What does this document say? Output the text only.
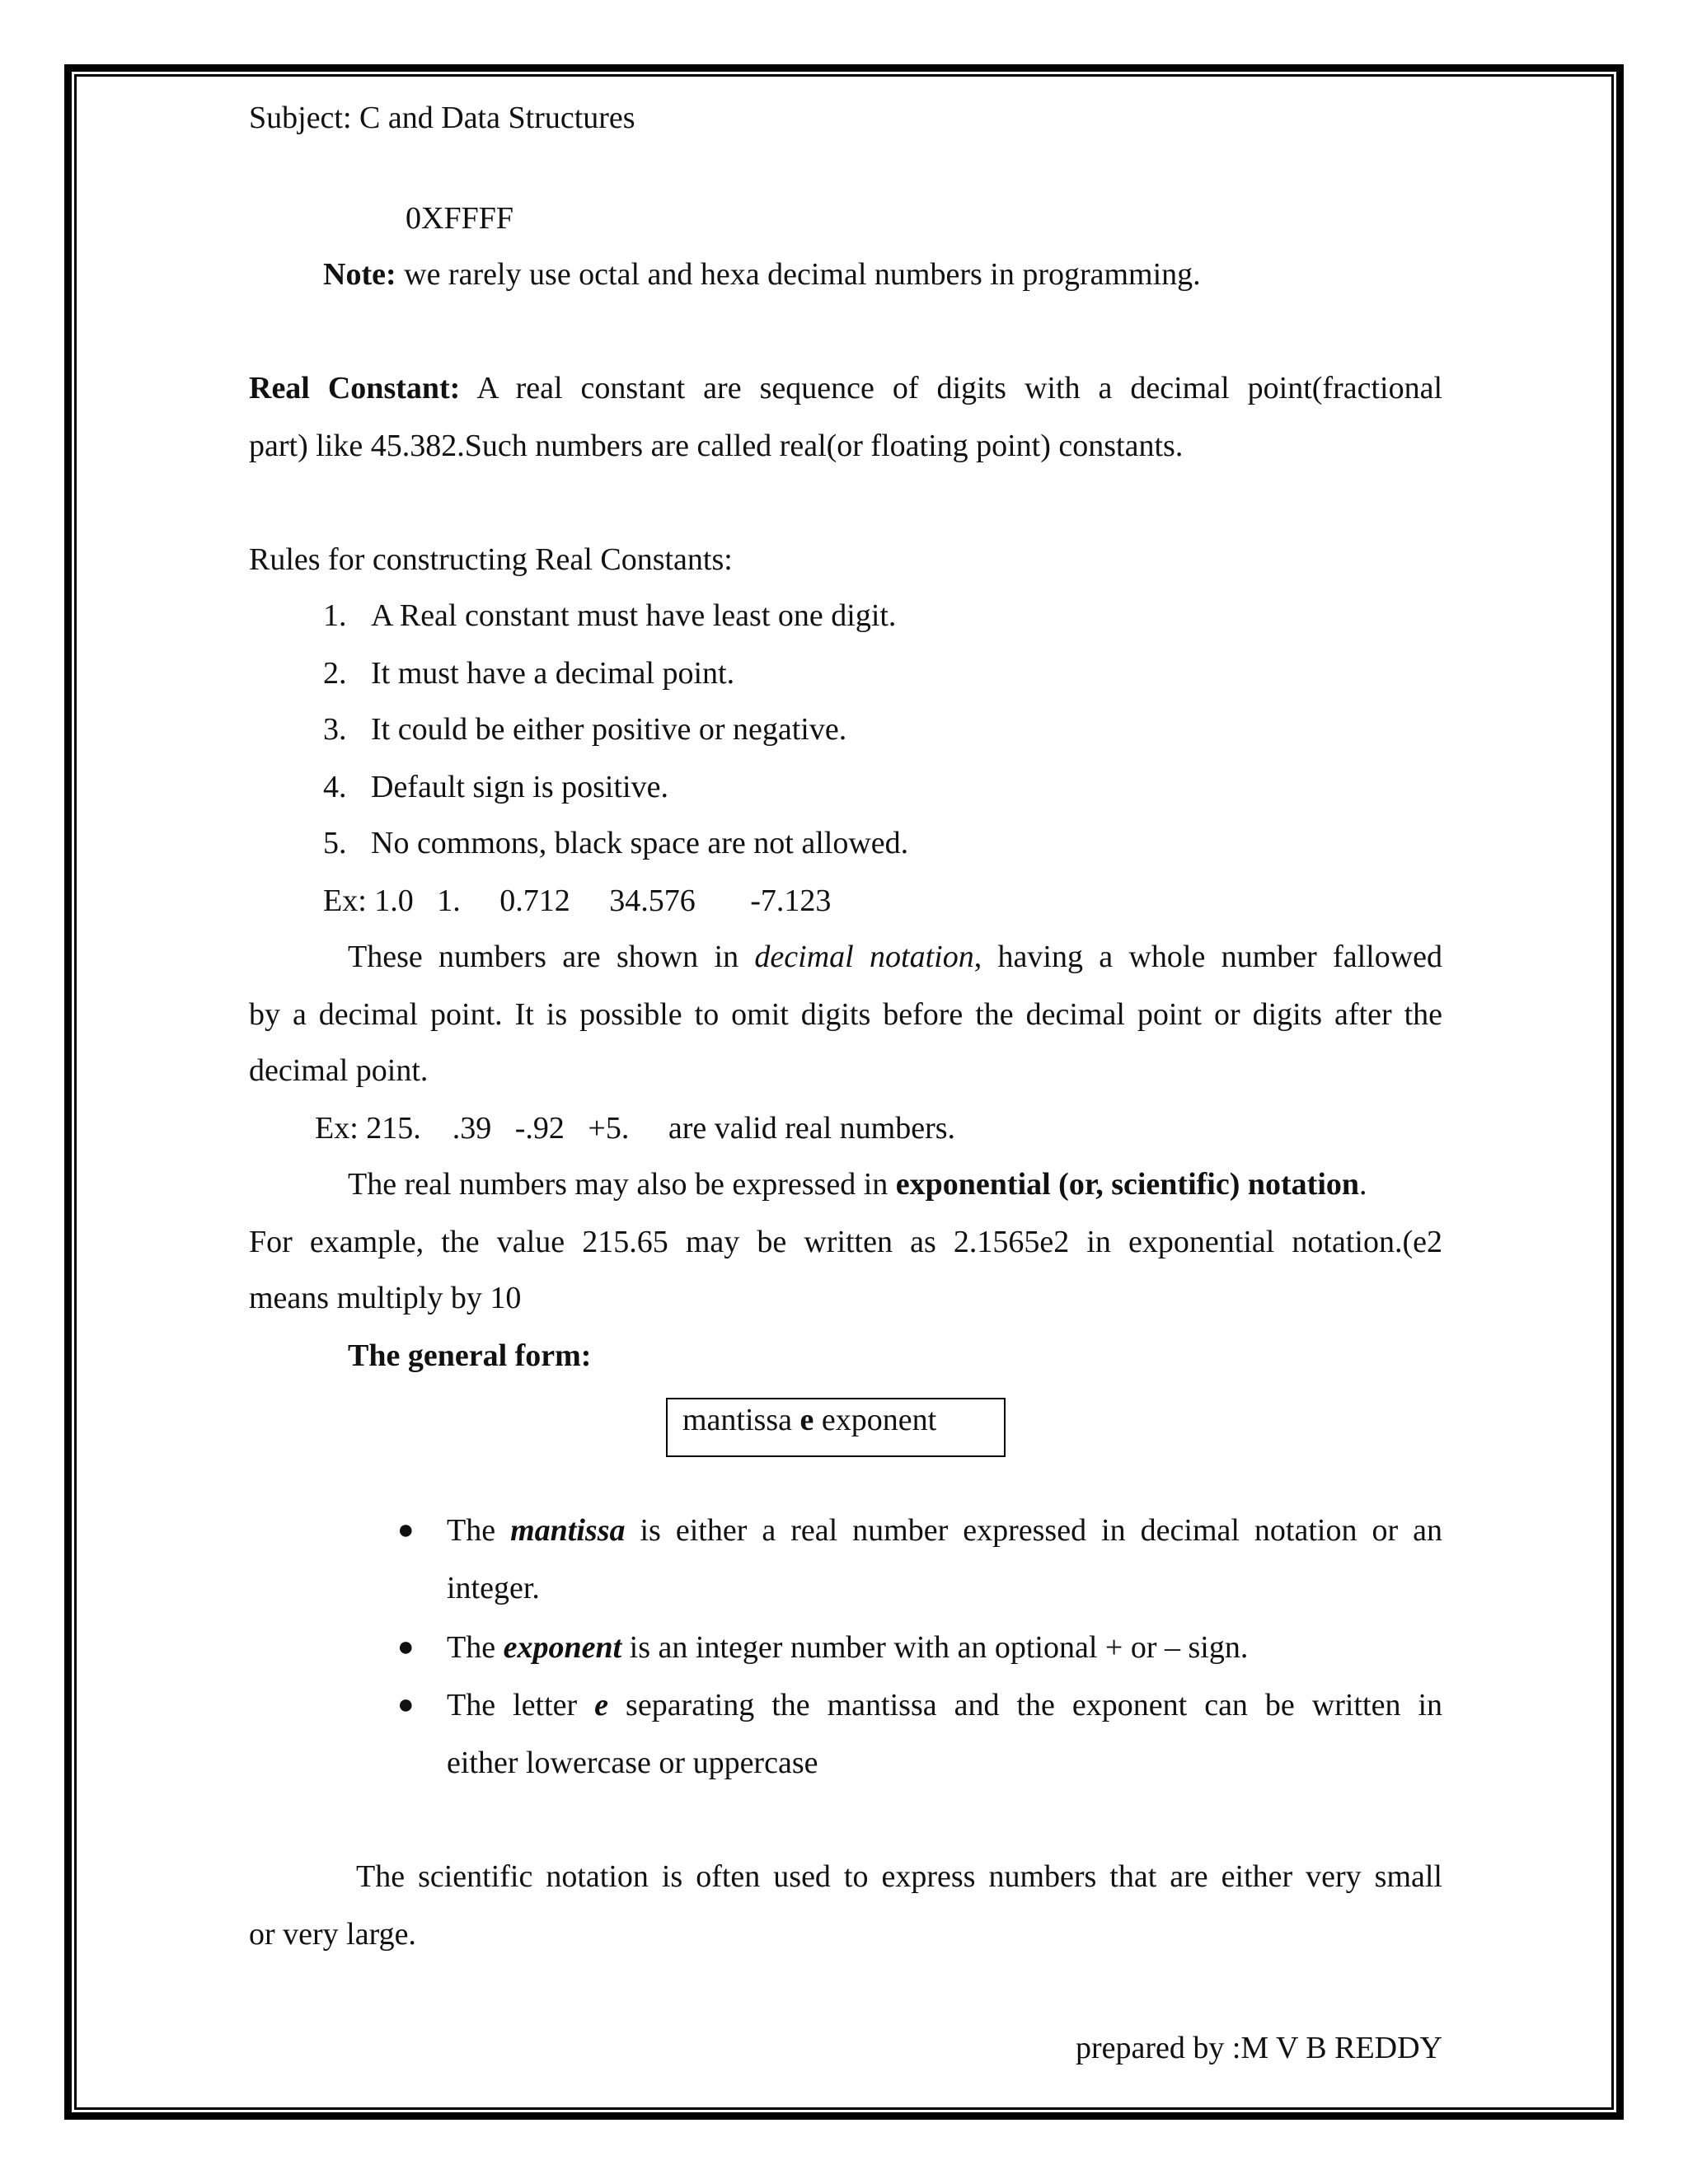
Subject: C and Data Structures
0XFFFF
Note: we rarely use octal and hexa decimal numbers in programming.
Real Constant: A real constant are sequence of digits with a decimal point(fractional
part) like 45.382.Such numbers are called real(or floating point) constants.
Rules for constructing Real Constants:
1. A Real constant must have least one digit.
2. It must have a decimal point.
3. It could be either positive or negative.
4. Default sign is positive.
5. No commons, black space are not allowed.
Ex: 1.0   1.     0.712     34.576       -7.123
These numbers are shown in decimal notation, having a whole number fallowed
by a decimal point. It is possible to omit digits before the decimal point or digits after the
decimal point.
Ex: 215.    .39   -.92   +5.     are valid real numbers.
The real numbers may also be expressed in exponential (or, scientific) notation.
For example, the value 215.65 may be written as 2.1565e2 in exponential notation.(e2
means multiply by 10
The general form:
mantissa e exponent
● The mantissa is either a real number expressed in decimal notation or an
integer.
● The exponent is an integer number with an optional + or – sign.
● The letter e separating the mantissa and the exponent can be written in
either lowercase or uppercase
The scientific notation is often used to express numbers that are either very small
or very large.
prepared by :M V B REDDY
